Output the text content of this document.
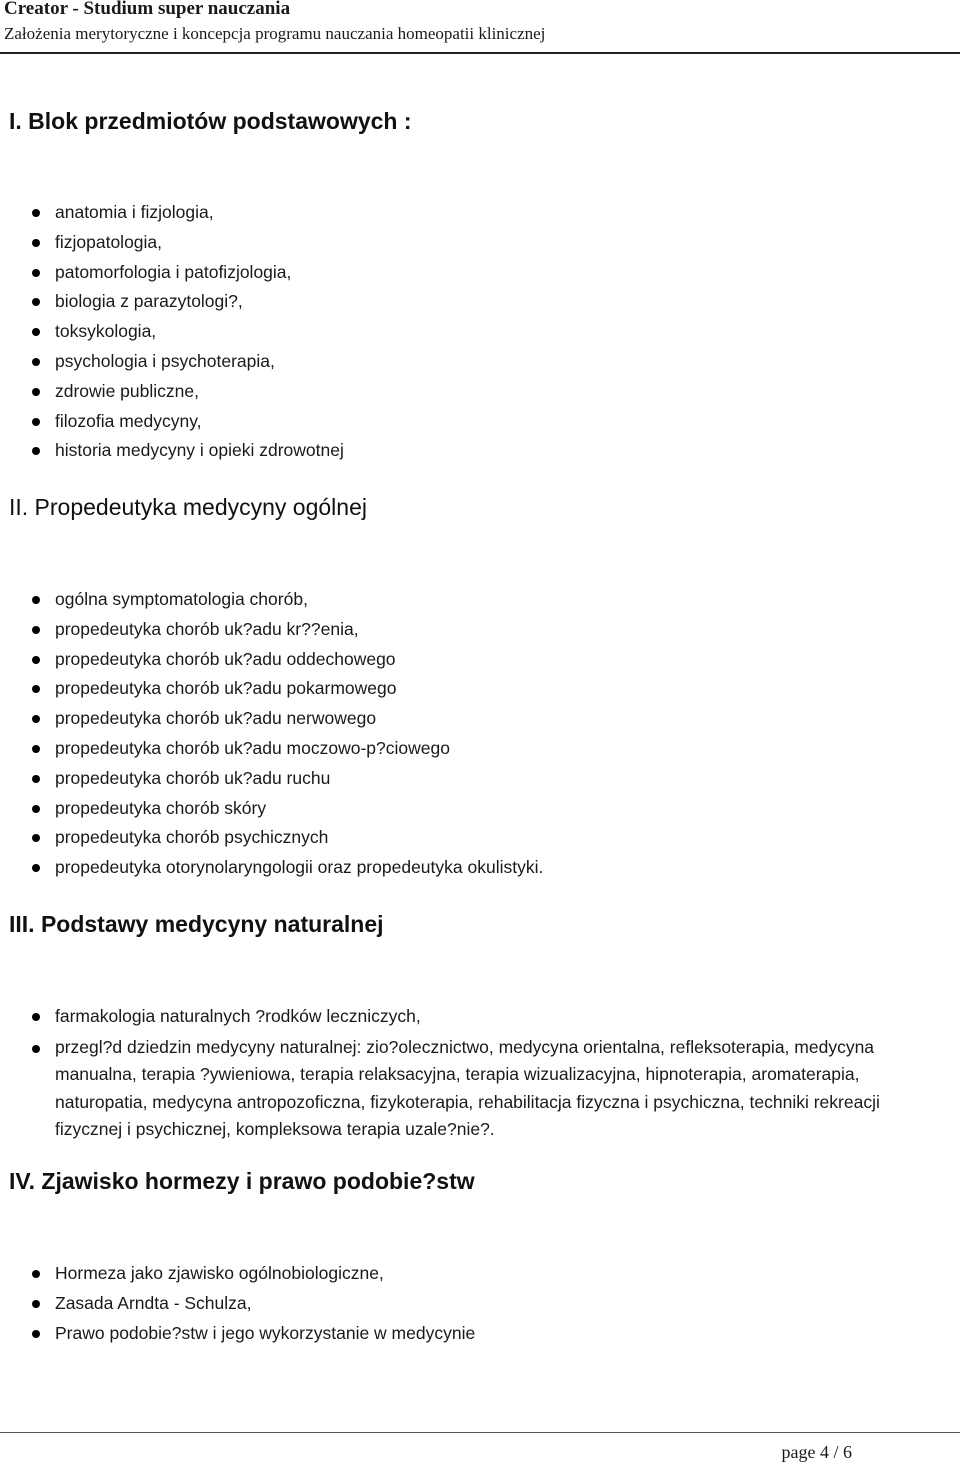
Creator - Studium super nauczania
Założenia merytoryczne i koncepcja programu nauczania homeopatii klinicznej
I. Blok przedmiotów podstawowych :
anatomia i fizjologia,
fizjopatologia,
patomorfologia i patofizjologia,
biologia z parazytologi?,
toksykologia,
psychologia i psychoterapia,
zdrowie publiczne,
filozofia medycyny,
historia medycyny i opieki zdrowotnej
II. Propedeutyka medycyny ogólnej
ogólna symptomatologia chorób,
propedeutyka chorób uk?adu kr??enia,
propedeutyka chorób uk?adu oddechowego
propedeutyka chorób uk?adu pokarmowego
propedeutyka chorób uk?adu nerwowego
propedeutyka chorób uk?adu moczowo-p?ciowego
propedeutyka chorób uk?adu ruchu
propedeutyka chorób skóry
propedeutyka chorób psychicznych
propedeutyka otorynolaryngologii oraz propedeutyka okulistyki.
III. Podstawy medycyny naturalnej
farmakologia naturalnych ?rodków leczniczych,
przegl?d dziedzin medycyny naturalnej: zio?olecznictwo, medycyna orientalna, refleksoterapia, medycyna manualna, terapia ?ywieniowa, terapia relaksacyjna, terapia wizualizacyjna, hipnoterapia, aromaterapia, naturopatia, medycyna antropozoficzna, fizykoterapia, rehabilitacja fizyczna i psychiczna, techniki rekreacji fizycznej i psychicznej, kompleksowa terapia uzale?nie?.
IV. Zjawisko hormezy i prawo podobie?stw
Hormeza jako zjawisko ogólnobiologiczne,
Zasada Arndta - Schulza,
Prawo podobie?stw i jego wykorzystanie w medycynie
page 4 / 6
